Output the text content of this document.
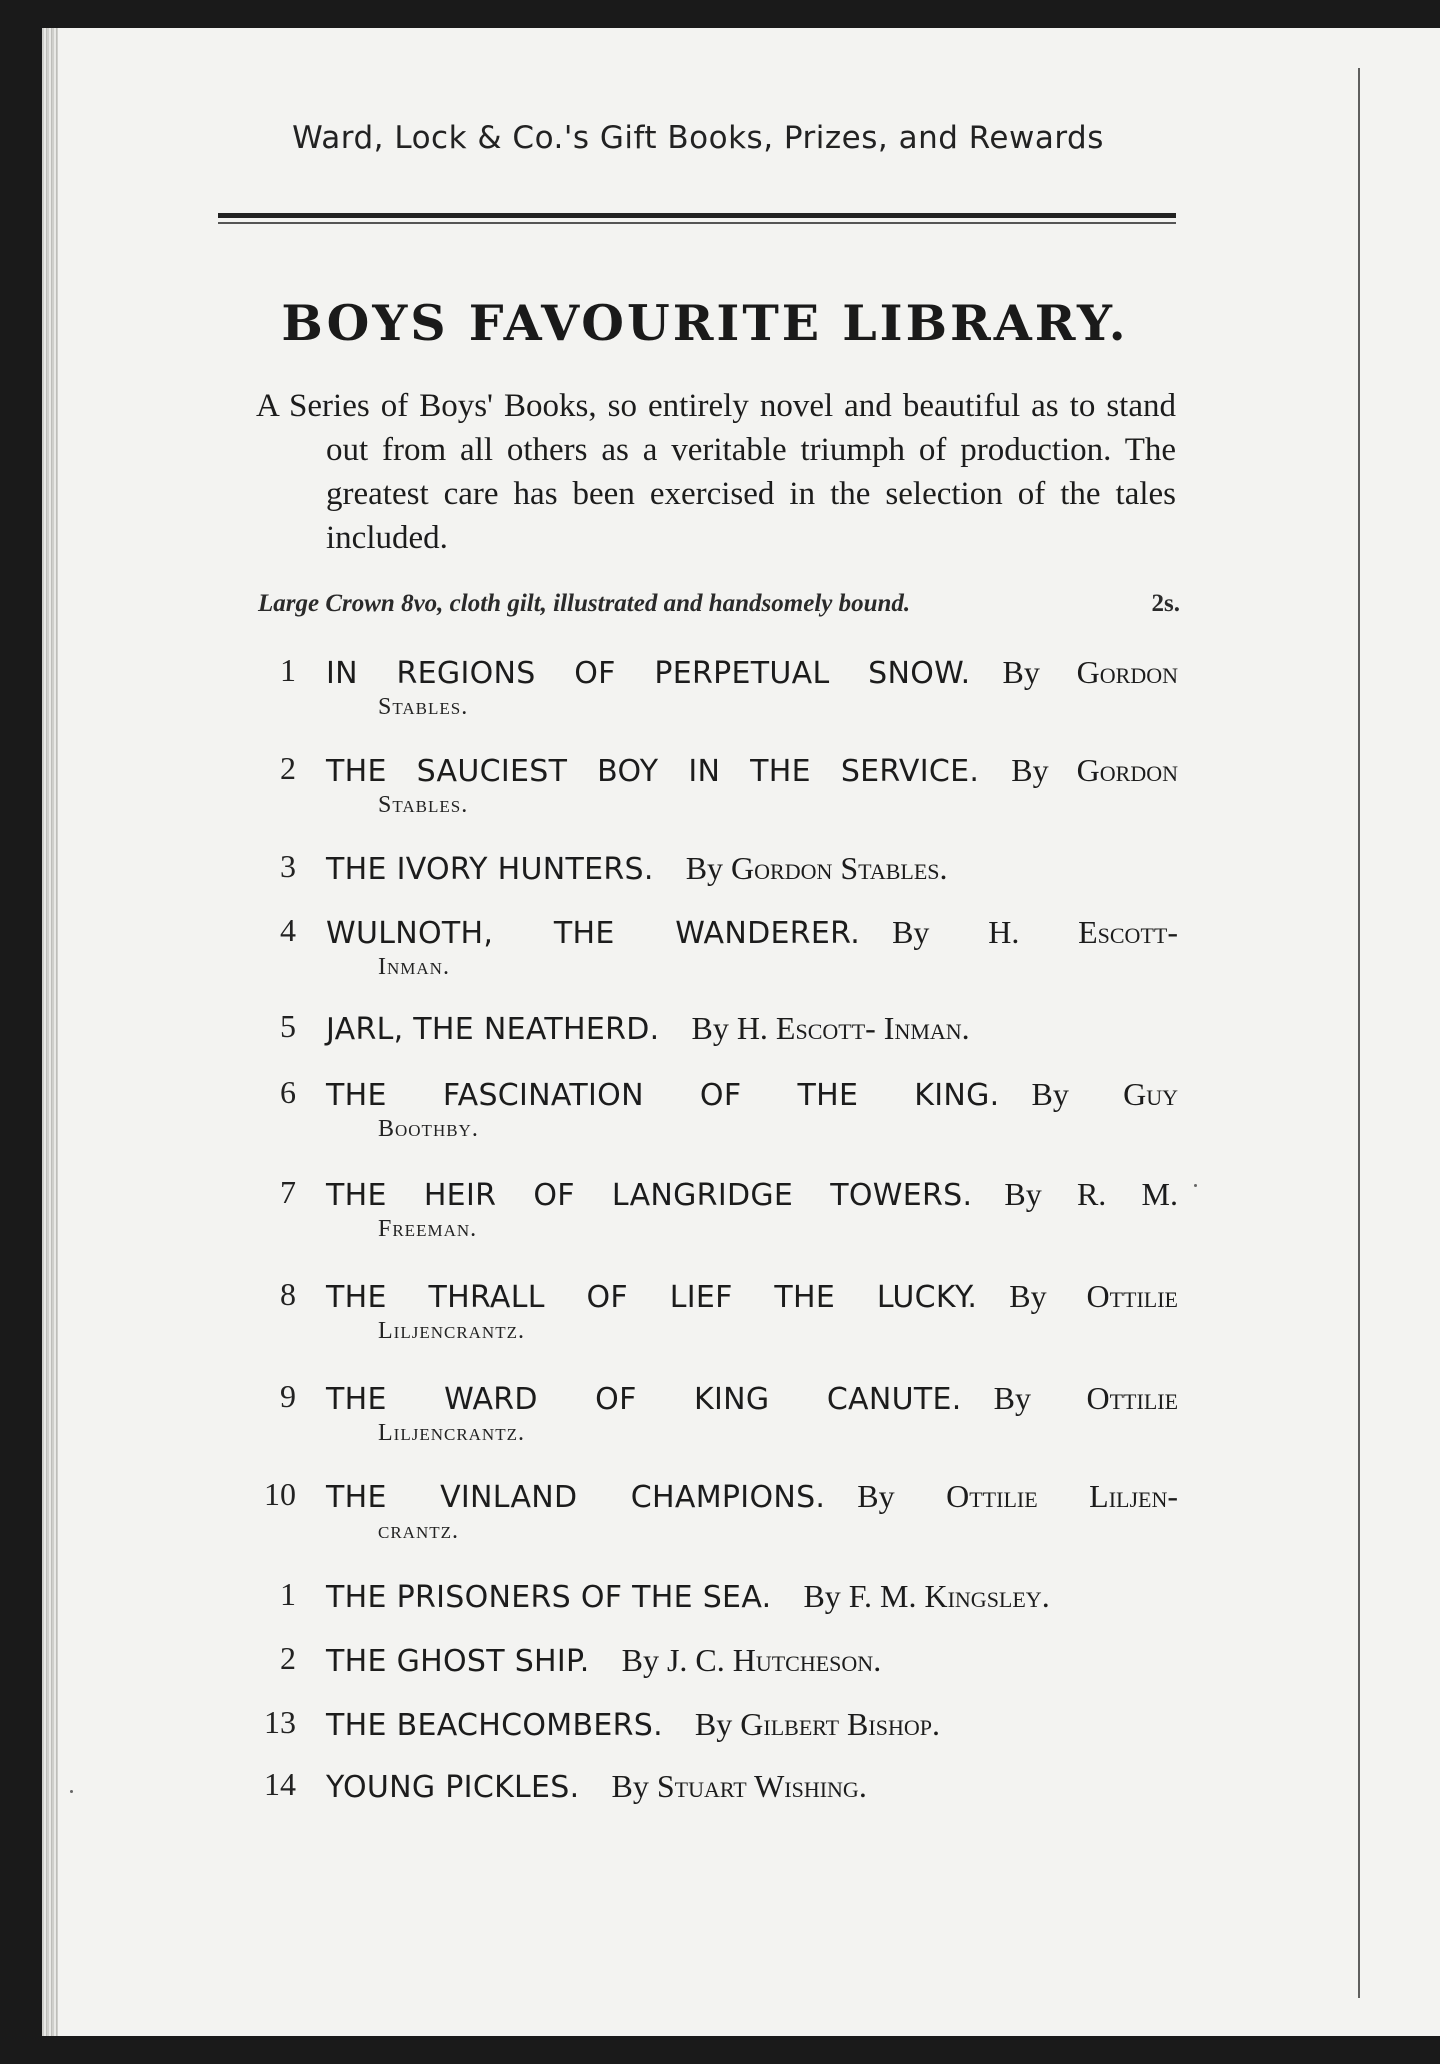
Ward, Lock & Co.'s Gift Books, Prizes, and Rewards
BOYS FAVOURITE LIBRARY.
A Series of Boys' Books, so entirely novel and beautiful as to stand out from all others as a veritable triumph of production. The greatest care has been exercised in the selection of the tales included.
Large Crown 8vo, cloth gilt, illustrated and handsomely bound.	2s.
1 IN REGIONS OF PERPETUAL SNOW.  By Gordon
Stables.
2 THE SAUCIEST BOY IN THE SERVICE.  By Gordon
Stables.
3 THE IVORY HUNTERS.  By Gordon Stables.
4 WULNOTH, THE WANDERER.  By H. Escott-
Inman.
5 JARL, THE NEATHERD.  By H. Escott- Inman.
6 THE FASCINATION OF THE KING.  By Guy
Boothby.
7 THE HEIR OF LANGRIDGE TOWERS.  By R. M.
Freeman.
8 THE THRALL OF LIEF THE LUCKY.  By Ottilie
Liljencrantz.
9 THE WARD OF KING CANUTE.  By Ottilie
Liljencrantz.
10 THE VINLAND CHAMPIONS.  By Ottilie Liljen-
crantz.
1 THE PRISONERS OF THE SEA.  By F. M. Kingsley.
2 THE GHOST SHIP.  By J. C. Hutcheson.
13 THE BEACHCOMBERS.  By Gilbert Bishop.
14 YOUNG PICKLES.  By Stuart Wishing.
